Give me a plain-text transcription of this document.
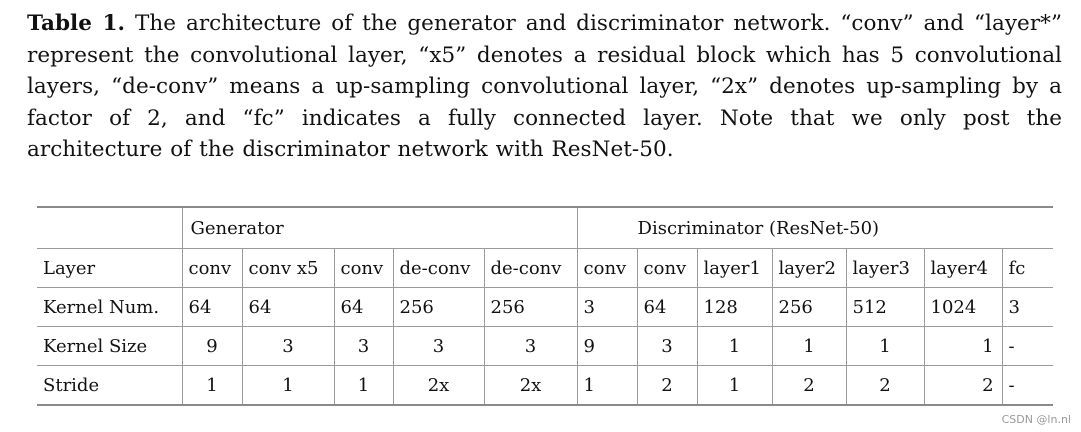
Table 1. The architecture of the generator and discriminator network. “conv” and “layer*” represent the convolutional layer, “x5” denotes a residual block which has 5 convolutional layers, “de-conv” means a up-sampling convolutional layer, “2x” denotes up-sampling by a factor of 2, and “fc” indicates a fully connected layer. Note that we only post the architecture of the discriminator network with ResNet-50.
	Generator					Discriminator (ResNet-50)						
Layer	conv	conv x5	conv	de-conv	de-conv	conv	conv	layer1	layer2	layer3	layer4	fc
Kernel Num.	64	64	64	256	256	3	64	128	256	512	1024	3
Kernel Size	9	3	3	3	3	9	3	1	1	1	1	-
Stride	1	1	1	2x	2x	1	2	1	2	2	2	-
CSDN @ln.nl
